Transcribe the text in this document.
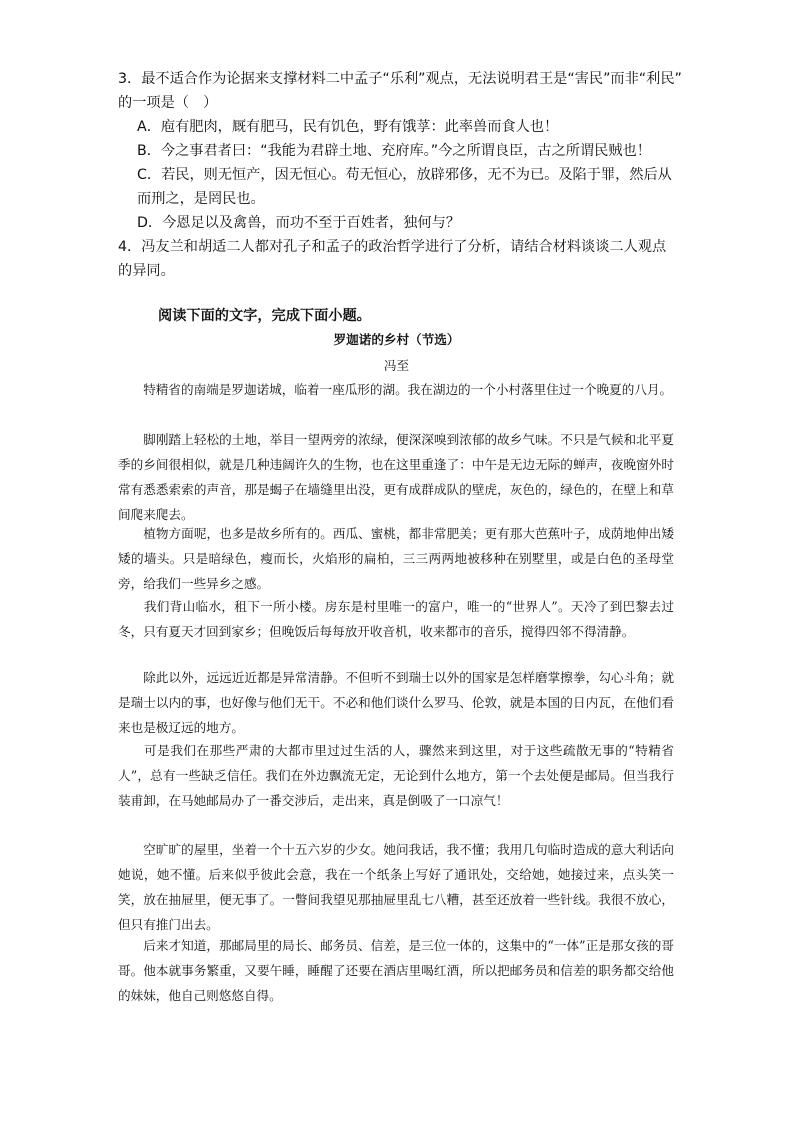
3．最不适合作为论据来支撑材料二中孟子“乐利”观点，无法说明君王是“害民”而非“利民”
的一项是（　）
A．庖有肥肉，厩有肥马，民有饥色，野有饿莩：此率兽而食人也！
B．今之事君者曰：“我能为君辟土地、充府库。”今之所谓良臣，古之所谓民贼也！
C．若民，则无恒产，因无恒心。苟无恒心，放辟邪侈，无不为已。及陷于罪，然后从
而刑之，是罔民也。
D．今恩足以及禽兽，而功不至于百姓者，独何与？
4．冯友兰和胡适二人都对孔子和孟子的政治哲学进行了分析，请结合材料谈谈二人观点
的异同。
阅读下面的文字，完成下面小题。
罗迦诺的乡村（节选）
冯至
　　特精省的南端是罗迦诺城，临着一座瓜形的湖。我在湖边的一个小村落里住过一个晚夏的八月。
　　脚刚踏上轻松的土地，举目一望两旁的浓绿，便深深嗅到浓郁的故乡气味。不只是气候和北平夏季的乡间很相似，就是几种违阔许久的生物，也在这里重逢了：中午是无边无际的蝉声，夜晚窗外时常有悉悉索索的声音，那是蝎子在墙缝里出没，更有成群成队的壁虎，灰色的，绿色的，在壁上和草间爬来爬去。
　　植物方面呢，也多是故乡所有的。西瓜、蜜桃，都非常肥美；更有那大芭蕉叶子，成荫地伸出矮矮的墙头。只是暗绿色，瘦而长，火焰形的扁柏，三三两两地被移种在别墅里，或是白色的圣母堂旁，给我们一些异乡之感。
　　我们背山临水，租下一所小楼。房东是村里唯一的富户，唯一的“世界人”。天冷了到巴黎去过冬，只有夏天才回到家乡；但晚饭后每每放开收音机，收来都市的音乐，搅得四邻不得清静。
　　除此以外，远远近近都是异常清静。不但听不到瑞士以外的国家是怎样磨掌擦拳，勾心斗角；就是瑞士以内的事，也好像与他们无干。不必和他们谈什么罗马、伦敦，就是本国的日内瓦，在他们看来也是极辽远的地方。
　　可是我们在那些严肃的大都市里过过生活的人，骤然来到这里，对于这些疏散无事的“特精省人”，总有一些缺乏信任。我们在外边飘流无定，无论到什么地方，第一个去处便是邮局。但当我行装甫卸，在马她邮局办了一番交涉后，走出来，真是倒吸了一口凉气！
　　空旷旷的屋里，坐着一个十五六岁的少女。她问我话，我不懂；我用几句临时造成的意大利话向她说，她不懂。后来似乎彼此会意，我在一个纸条上写好了通讯处，交给她，她接过来，点头笑一笑，放在抽屉里，便无事了。一瞥间我望见那抽屉里乱七八糟，甚至还放着一些针线。我很不放心，但只有推门出去。
　　后来才知道，那邮局里的局长、邮务员、信差，是三位一体的，这集中的“一体”正是那女孩的哥哥。他本就事务繁重，又要午睡，睡醒了还要在酒店里喝红酒，所以把邮务员和信差的职务都交给他的妹妹，他自己则悠悠自得。
